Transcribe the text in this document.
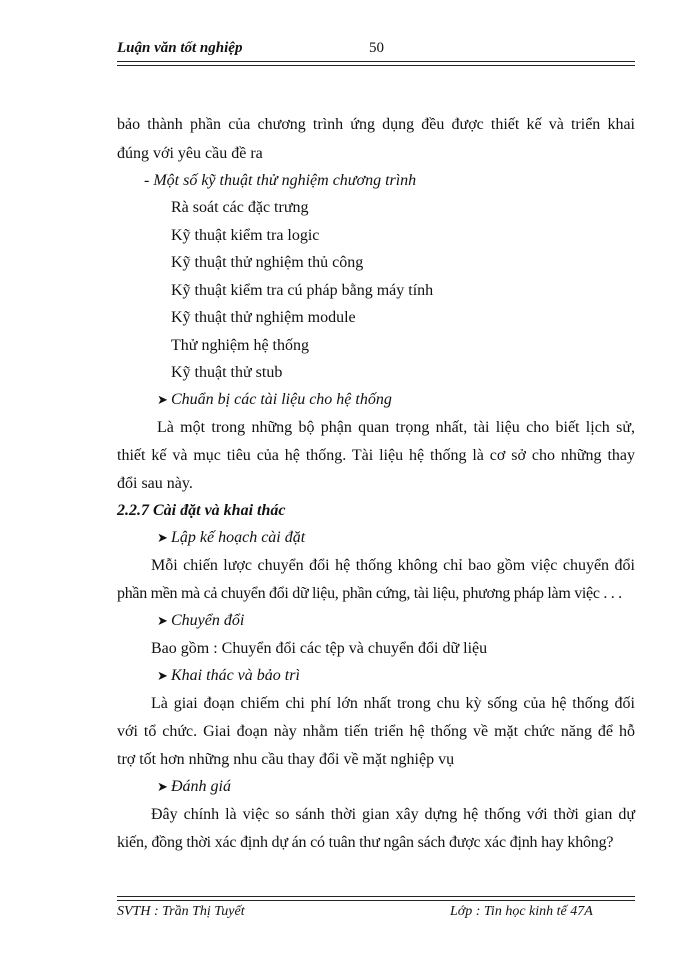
Luận văn tốt nghiệp	50
bảo thành phần của chương trình ứng dụng đều được thiết kế và triển khai
đúng với yêu cầu đề ra
- Một số kỹ thuật thử nghiệm chương trình
Rà soát các đặc trưng
Kỹ thuật kiểm tra logic
Kỹ thuật thử nghiệm thủ công
Kỹ thuật kiểm tra cú pháp bằng máy tính
Kỹ thuật thử nghiệm module
Thử nghiệm hệ thống
Kỹ thuật thử stub
➤ Chuẩn bị các tài liệu cho hệ thống
Là một trong những bộ phận quan trọng nhất, tài liệu cho biết lịch sử,
thiết kế và mục tiêu của hệ thống. Tài liệu hệ thống là cơ sở cho những thay
đổi sau này.
2.2.7 Cài đặt và khai thác
➤ Lập kế hoạch cài đặt
Mỗi chiến lược chuyển đổi hệ thống không chỉ bao gồm việc chuyển đổi
phần mền mà cả chuyển đổi dữ liệu, phần cứng, tài liệu, phương pháp làm việc . . .
➤ Chuyển đổi
Bao gồm : Chuyển đổi các tệp và chuyển đổi dữ liệu
➤ Khai thác và bảo trì
Là giai đoạn chiếm chi phí lớn nhất trong chu kỳ sống của hệ thống đối
với tổ chức. Giai đoạn này nhằm tiến triển hệ thống về mặt chức năng để hỗ
trợ tốt hơn những nhu cầu thay đổi về mặt nghiệp vụ
➤ Đánh giá
Đây chính là việc so sánh thời gian xây dựng hệ thống với thời gian dự
kiến, đồng thời xác định dự án có tuân thư ngân sách được xác định hay không?
SVTH : Trần Thị Tuyết	Lớp : Tin học kinh tế 47A
